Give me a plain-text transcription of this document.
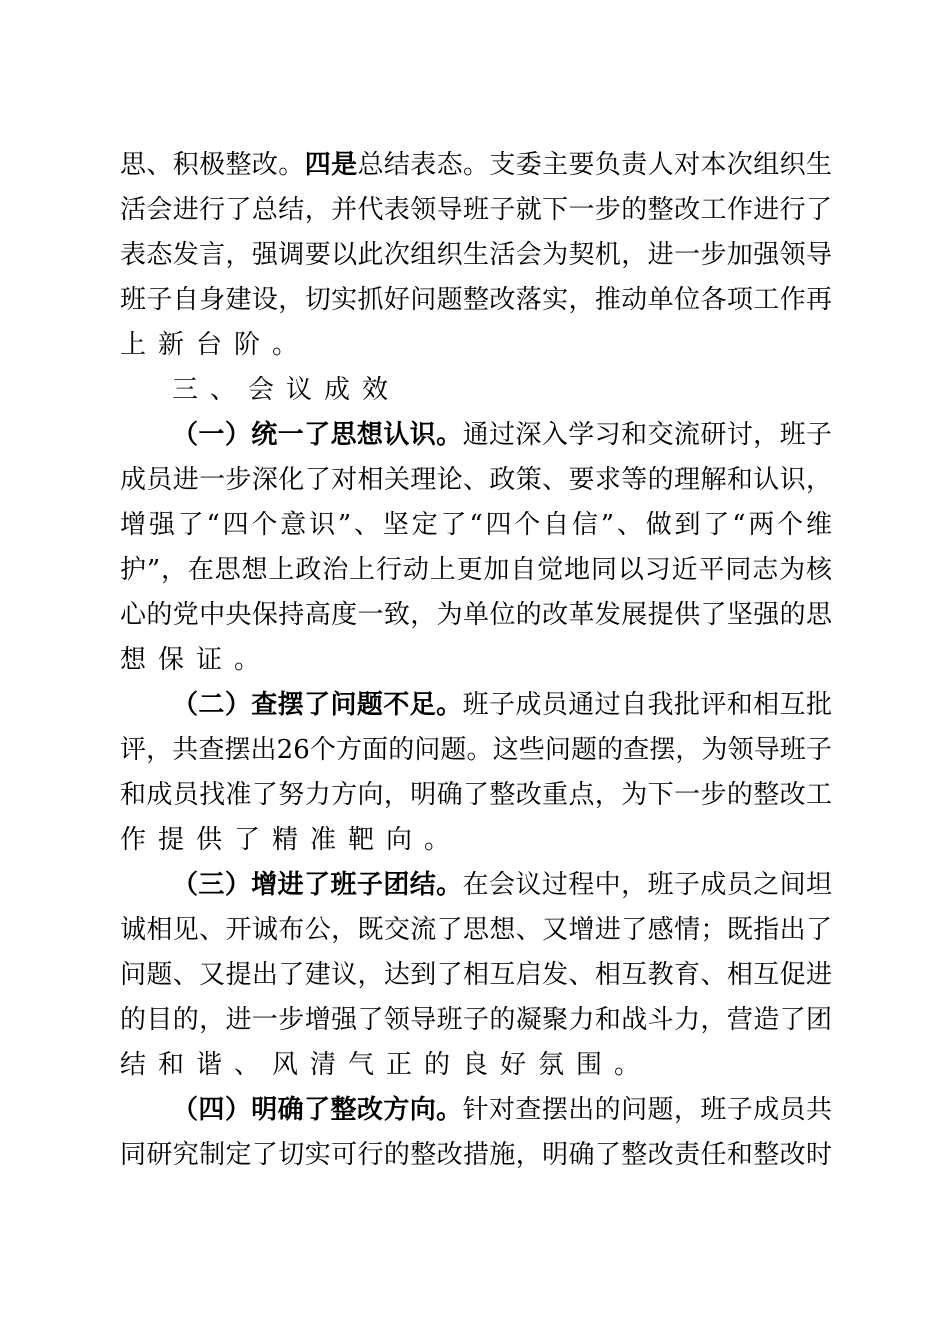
思、积极整改。四是总结表态。支委主要负责人对本次组织生
活会进行了总结，并代表领导班子就下一步的整改工作进行了
表态发言，强调要以此次组织生活会为契机，进一步加强领导
班子自身建设，切实抓好问题整改落实，推动单位各项工作再
上新台阶。
三、会议成效
（一）统一了思想认识。通过深入学习和交流研讨，班子
成员进一步深化了对相关理论、政策、要求等的理解和认识，
增强了“四个意识”、坚定了“四个自信”、做到了“两个维
护”，在思想上政治上行动上更加自觉地同以习近平同志为核
心的党中央保持高度一致，为单位的改革发展提供了坚强的思
想保证。
（二）查摆了问题不足。班子成员通过自我批评和相互批
评，共查摆出26个方面的问题。这些问题的查摆，为领导班子
和成员找准了努力方向，明确了整改重点，为下一步的整改工
作提供了精准靶向。
（三）增进了班子团结。在会议过程中，班子成员之间坦
诚相见、开诚布公，既交流了思想、又增进了感情；既指出了
问题、又提出了建议，达到了相互启发、相互教育、相互促进
的目的，进一步增强了领导班子的凝聚力和战斗力，营造了团
结和谐、风清气正的良好氛围。
（四）明确了整改方向。针对查摆出的问题，班子成员共
同研究制定了切实可行的整改措施，明确了整改责任和整改时
